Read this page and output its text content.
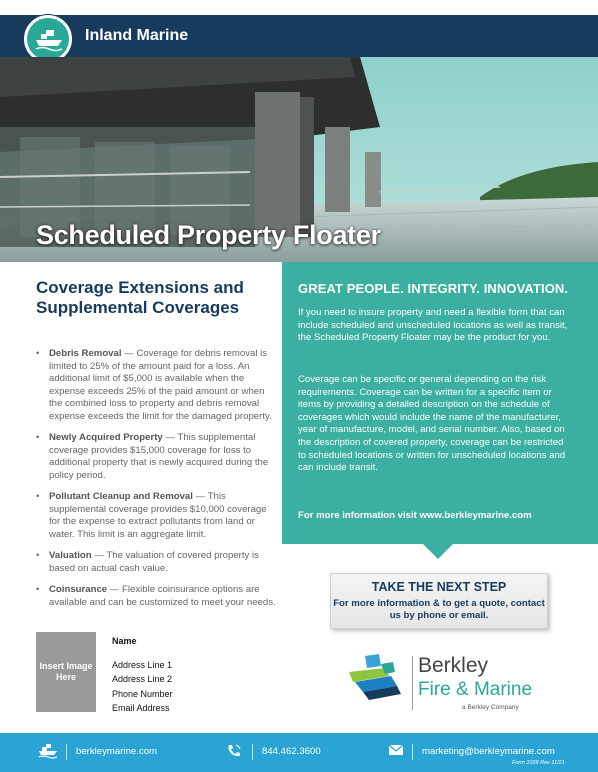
Inland Marine
Scheduled Property Floater
Coverage Extensions and Supplemental Coverages
• Debris Removal — Coverage for debris removal is limited to 25% of the amount paid for a loss. An additional limit of $5,000 is available when the expense exceeds 25% of the paid amount or when the combined loss to property and debris removal expense exceeds the limit for the damaged property.
• Newly Acquired Property — This supplemental coverage provides $15,000 coverage for loss to additional property that is newly acquired during the policy period.
• Pollutant Cleanup and Removal — This supplemental coverage provides $10,000 coverage for the expense to extract pollutants from land or water. This limit is an aggregate limit.
• Valuation — The valuation of covered property is based on actual cash value.
• Coinsurance — Flexible coinsurance options are available and can be customized to meet your needs.
Insert Image Here
Name
Address Line 1
Address Line 2
Phone Number
Email Address
GREAT PEOPLE. INTEGRITY. INNOVATION.
If you need to insure property and need a flexible form that can include scheduled and unscheduled locations as well as transit, the Scheduled Property Floater may be the product for you.
Coverage can be specific or general depending on the risk requirements. Coverage can be written for a specific item or items by providing a detailed description on the schedule of coverages which would include the name of the manufacturer, year of manufacture, model, and serial number. Also, based on the description of covered property, coverage can be restricted to scheduled locations or written for unscheduled locations and can include transit.
For more information visit www.berkleymarine.com
TAKE THE NEXT STEP
For more information & to get a quote, contact us by phone or email.
Berkley
Fire & Marine
a Berkley Company
berkleymarine.com	844.462.3600	marketing@berkleymarine.com
Form 1028 Rev 11/21
